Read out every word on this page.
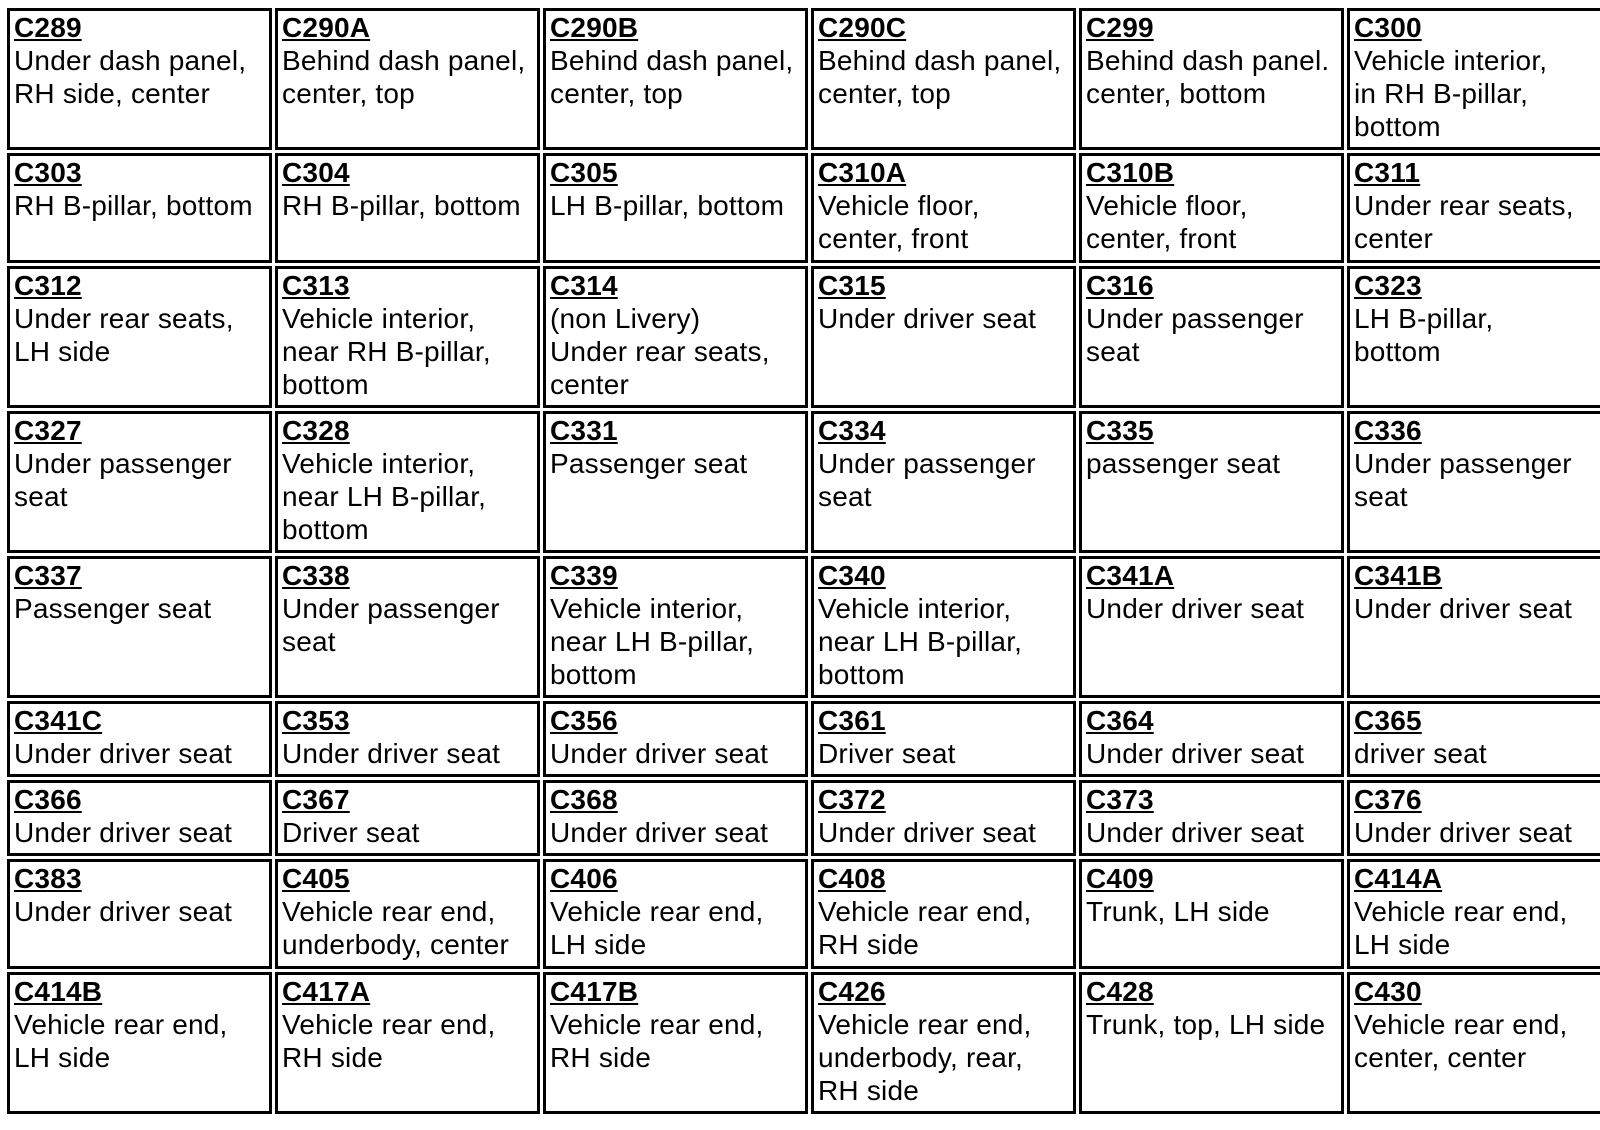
C289
Under dash panel,
RH side, center	C290A
Behind dash panel,
center, top	C290B
Behind dash panel,
center, top	C290C
Behind dash panel,
center, top	C299
Behind dash panel.
center, bottom	C300
Vehicle interior,
in RH B-pillar,
bottom

C303
RH B-pillar, bottom	C304
RH B-pillar, bottom	C305
LH B-pillar, bottom	C310A
Vehicle floor,
center, front	C310B
Vehicle floor,
center, front	C311
Under rear seats,
center

C312
Under rear seats,
LH side	C313
Vehicle interior,
near RH B-pillar,
bottom	C314
(non Livery)
Under rear seats,
center	C315
Under driver seat	C316
Under passenger
seat	C323
LH B-pillar,
bottom

C327
Under passenger
seat	C328
Vehicle interior,
near LH B-pillar,
bottom	C331
Passenger seat	C334
Under passenger
seat	C335
passenger seat	C336
Under passenger
seat

C337
Passenger seat	C338
Under passenger
seat	C339
Vehicle interior,
near LH B-pillar,
bottom	C340
Vehicle interior,
near LH B-pillar,
bottom	C341A
Under driver seat	C341B
Under driver seat

C341C
Under driver seat	C353
Under driver seat	C356
Under driver seat	C361
Driver seat	C364
Under driver seat	C365
driver seat

C366
Under driver seat	C367
Driver seat	C368
Under driver seat	C372
Under driver seat	C373
Under driver seat	C376
Under driver seat

C383
Under driver seat	C405
Vehicle rear end,
underbody, center	C406
Vehicle rear end,
LH side	C408
Vehicle rear end,
RH side	C409
Trunk, LH side	C414A
Vehicle rear end,
LH side

C414B
Vehicle rear end,
LH side	C417A
Vehicle rear end,
RH side	C417B
Vehicle rear end,
RH side	C426
Vehicle rear end,
underbody, rear,
RH side	C428
Trunk, top, LH side	C430
Vehicle rear end,
center, center
